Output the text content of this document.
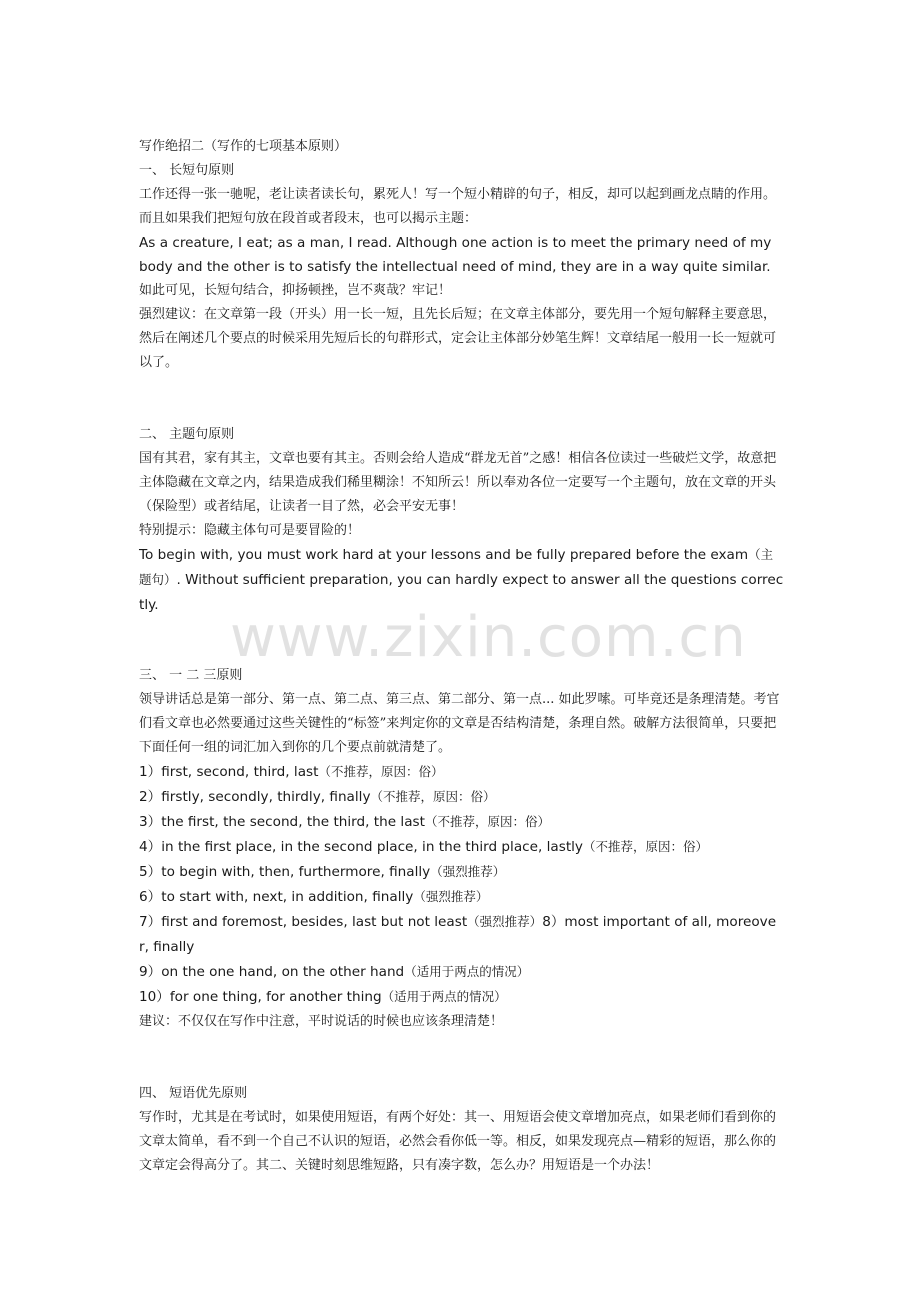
写作绝招二（写作的七项基本原则）

一、 长短句原则

工作还得一张一驰呢，老让读者读长句，累死人！写一个短小精辟的句子，相反，却可以起到画龙点睛的作用。而且如果我们把短句放在段首或者段末，也可以揭示主题：

As a creature, I eat; as a man, I read. Although one action is to meet the primary need of my body and the other is to satisfy the intellectual need of mind, they are in a way quite similar.

如此可见，长短句结合，抑扬顿挫，岂不爽哉？牢记！

强烈建议：在文章第一段（开头）用一长一短，且先长后短；在文章主体部分，要先用一个短句解释主要意思，然后在阐述几个要点的时候采用先短后长的句群形式，定会让主体部分妙笔生辉！文章结尾一般用一长一短就可以了。

二、 主题句原则

国有其君，家有其主，文章也要有其主。否则会给人造成“群龙无首”之感！相信各位读过一些破烂文学，故意把主体隐藏在文章之内，结果造成我们稀里糊涂！不知所云！所以奉劝各位一定要写一个主题句，放在文章的开头（保险型）或者结尾，让读者一目了然，必会平安无事！

特别提示：隐藏主体句可是要冒险的！

To begin with, you must work hard at your lessons and be fully prepared before the exam（主题句）. Without sufficient preparation, you can hardly expect to answer all the questions correctly.

三、 一 二 三原则

领导讲话总是第一部分、第一点、第二点、第三点、第二部分、第一点... 如此罗嗦。可毕竟还是条理清楚。考官们看文章也必然要通过这些关键性的“标签”来判定你的文章是否结构清楚，条理自然。破解方法很简单，只要把下面任何一组的词汇加入到你的几个要点前就清楚了。

1）first, second, third, last（不推荐，原因：俗）

2）firstly, secondly, thirdly, finally（不推荐，原因：俗）

3）the first, the second, the third, the last（不推荐，原因：俗）

4）in the first place, in the second place, in the third place, lastly（不推荐，原因：俗）

5）to begin with, then, furthermore, finally（强烈推荐）

6）to start with, next, in addition, finally（强烈推荐）

7）first and foremost, besides, last but not least（强烈推荐）8）most important of all, moreover, finally

9）on the one hand, on the other hand（适用于两点的情况）

10）for one thing, for another thing（适用于两点的情况）

建议：不仅仅在写作中注意，平时说话的时候也应该条理清楚！

四、 短语优先原则

写作时，尤其是在考试时，如果使用短语，有两个好处：其一、用短语会使文章增加亮点，如果老师们看到你的文章太简单，看不到一个自己不认识的短语，必然会看你低一等。相反，如果发现亮点—精彩的短语，那么你的文章定会得高分了。其二、关键时刻思维短路，只有凑字数，怎么办？用短语是一个办法！

www.zixin.com.cn
